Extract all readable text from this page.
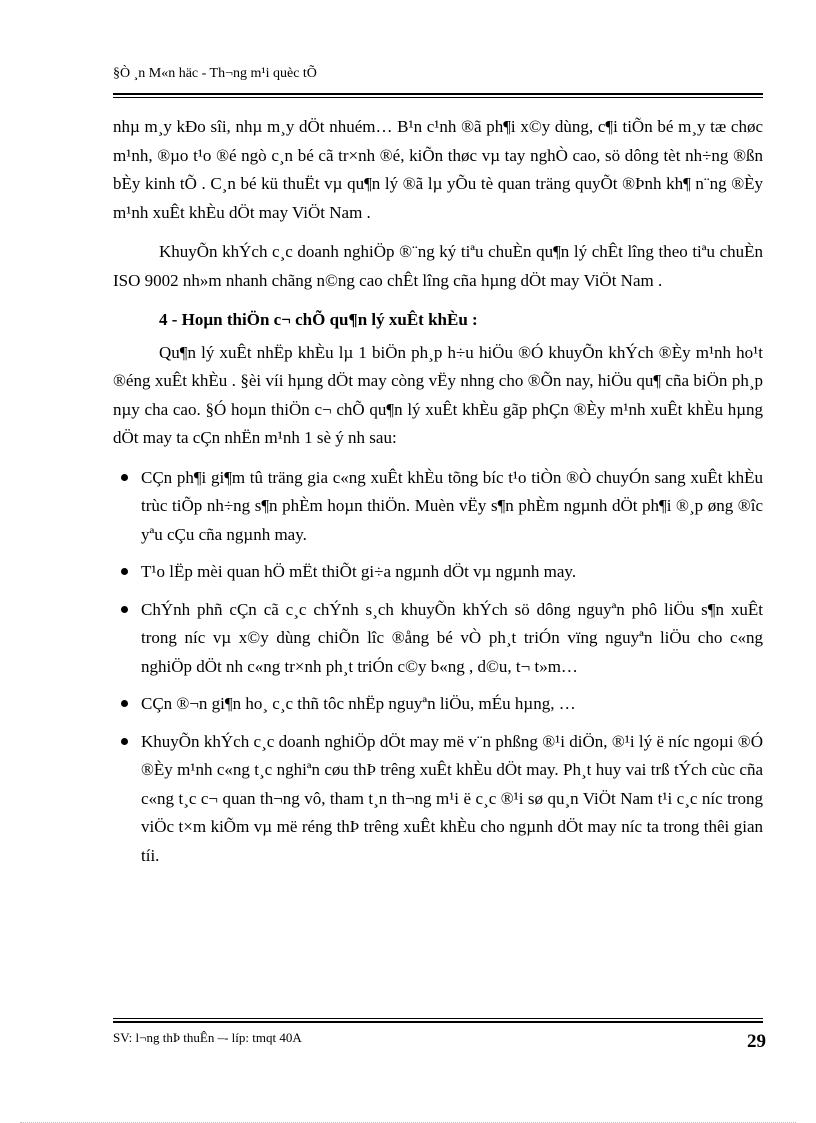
§Ò ¸n M«n häc - Th¬ng m¹i quèc tÕ

nhµ m¸y kÐo sîi, nhµ m¸y dÖt nhuém… B¹n c¹nh ®ã ph¶i x©y dùng, c¶i tiÕn bé m¸y tæ chøc m¹nh, ®µo t¹o ®é ngò c¸n bé cã tr×nh ®é, kiÕn thøc vµ tay nghÒ cao, sö dông tèt nh÷ng ®ßn bÈy kinh tÕ . C¸n bé kü thuËt vµ qu¶n lý ®ã lµ yÕu tè quan träng quyÕt ®Þnh kh¶ n¨ng ®Èy m¹nh xuÊt khÈu dÖt may ViÖt Nam .

KhuyÕn khÝch c¸c doanh nghiÖp ®¨ng ký tiªu chuÈn qu¶n lý chÊt lîng theo tiªu chuÈn ISO 9002 nh»m nhanh chãng n©ng cao chÊt lîng cña hµng dÖt may ViÖt Nam .

4 - Hoµn thiÖn c¬ chÕ qu¶n lý xuÊt khÈu :

Qu¶n lý xuÊt nhËp khÈu lµ 1 biÖn ph¸p h÷u hiÖu ®Ó khuyÕn khÝch ®Èy m¹nh ho¹t ®éng xuÊt khÈu . §èi víi hµng dÖt may còng vËy nhng cho ®Õn nay, hiÖu qu¶ cña biÖn ph¸p nµy cha cao. §Ó hoµn thiÖn c¬ chÕ qu¶n lý xuÊt khÈu gãp phÇn ®Èy m¹nh xuÊt khÈu hµng dÖt may ta cÇn nhËn m¹nh 1 sè ý nh sau:

CÇn ph¶i gi¶m tû träng gia c«ng xuÊt khÈu tõng bíc t¹o tiÒn ®Ò chuyÓn sang xuÊt khÈu trùc tiÕp nh÷ng s¶n phÈm hoµn thiÖn. Muèn vËy s¶n phÈm ngµnh dÖt ph¶i ®¸p øng ®îc yªu cÇu cña ngµnh may.
T¹o lËp mèi quan hÖ mËt thiÕt gi÷a ngµnh dÖt vµ ngµnh may.
ChÝnh phñ cÇn cã c¸c chÝnh s¸ch khuyÕn khÝch sö dông nguyªn phô liÖu s¶n xuÊt trong níc vµ x©y dùng chiÕn lîc ®ång bé vÒ ph¸t triÓn vïng nguyªn liÖu cho c«ng nghiÖp dÖt nh c«ng tr×nh ph¸t triÓn c©y b«ng , d©u, t¬ t»m…
CÇn ®¬n gi¶n ho¸ c¸c thñ tôc nhËp nguyªn liÖu, mÉu hµng, …
KhuyÕn khÝch c¸c doanh nghiÖp dÖt may më v¨n phßng ®¹i diÖn, ®¹i lý ë níc ngoµi ®Ó ®Èy m¹nh c«ng t¸c nghiªn cøu thÞ trêng xuÊt khÈu dÖt may. Ph¸t huy vai trß tÝch cùc cña c«ng t¸c c¬ quan th¬ng vô, tham t¸n th¬ng m¹i ë c¸c ®¹i sø qu¸n ViÖt Nam t¹i c¸c níc trong viÖc t×m kiÕm vµ më réng thÞ trêng xuÊt khÈu cho ngµnh dÖt may níc ta trong thêi gian tíi.
SV: l¬ng thÞ thuÊn –- líp: tmqt 40A	29
